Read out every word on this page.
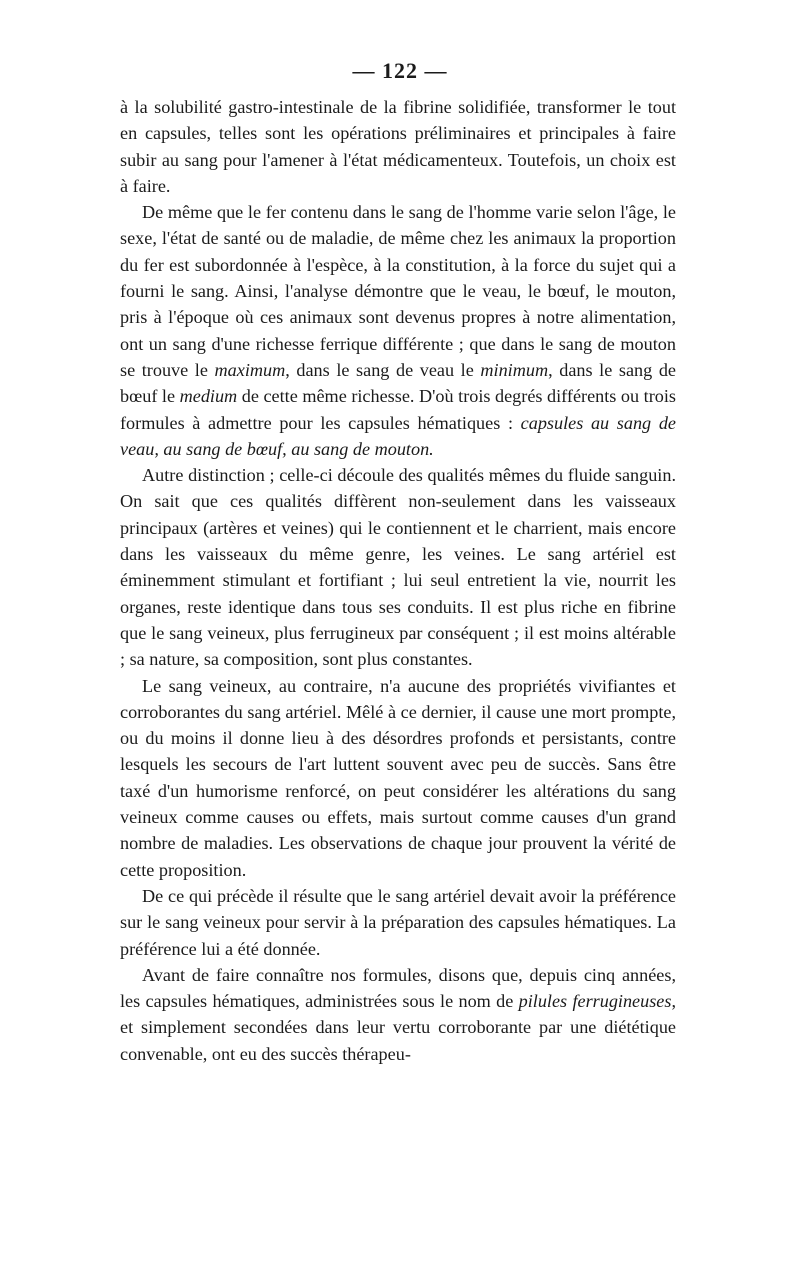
— 122 —

à la solubilité gastro-intestinale de la fibrine solidifiée, transformer le tout en capsules, telles sont les opérations préliminaires et principales à faire subir au sang pour l'amener à l'état médicamenteux. Toutefois, un choix est à faire.

De même que le fer contenu dans le sang de l'homme varie selon l'âge, le sexe, l'état de santé ou de maladie, de même chez les animaux la proportion du fer est subordonnée à l'espèce, à la constitution, à la force du sujet qui a fourni le sang. Ainsi, l'analyse démontre que le veau, le bœuf, le mouton, pris à l'époque où ces animaux sont devenus propres à notre alimentation, ont un sang d'une richesse ferrique différente ; que dans le sang de mouton se trouve le maximum, dans le sang de veau le minimum, dans le sang de bœuf le medium de cette même richesse. D'où trois degrés différents ou trois formules à admettre pour les capsules hématiques : capsules au sang de veau, au sang de bœuf, au sang de mouton.

Autre distinction ; celle-ci découle des qualités mêmes du fluide sanguin. On sait que ces qualités diffèrent non-seulement dans les vaisseaux principaux (artères et veines) qui le contiennent et le charrient, mais encore dans les vaisseaux du même genre, les veines. Le sang artériel est éminemment stimulant et fortifiant ; lui seul entretient la vie, nourrit les organes, reste identique dans tous ses conduits. Il est plus riche en fibrine que le sang veineux, plus ferrugineux par conséquent ; il est moins altérable ; sa nature, sa composition, sont plus constantes.

Le sang veineux, au contraire, n'a aucune des propriétés vivifiantes et corroborantes du sang artériel. Mêlé à ce dernier, il cause une mort prompte, ou du moins il donne lieu à des désordres profonds et persistants, contre lesquels les secours de l'art luttent souvent avec peu de succès. Sans être taxé d'un humorisme renforcé, on peut considérer les altérations du sang veineux comme causes ou effets, mais surtout comme causes d'un grand nombre de maladies. Les observations de chaque jour prouvent la vérité de cette proposition.

De ce qui précède il résulte que le sang artériel devait avoir la préférence sur le sang veineux pour servir à la préparation des capsules hématiques. La préférence lui a été donnée.

Avant de faire connaître nos formules, disons que, depuis cinq années, les capsules hématiques, administrées sous le nom de pilules ferrugineuses, et simplement secondées dans leur vertu corroborante par une diététique convenable, ont eu des succès thérapeu-
